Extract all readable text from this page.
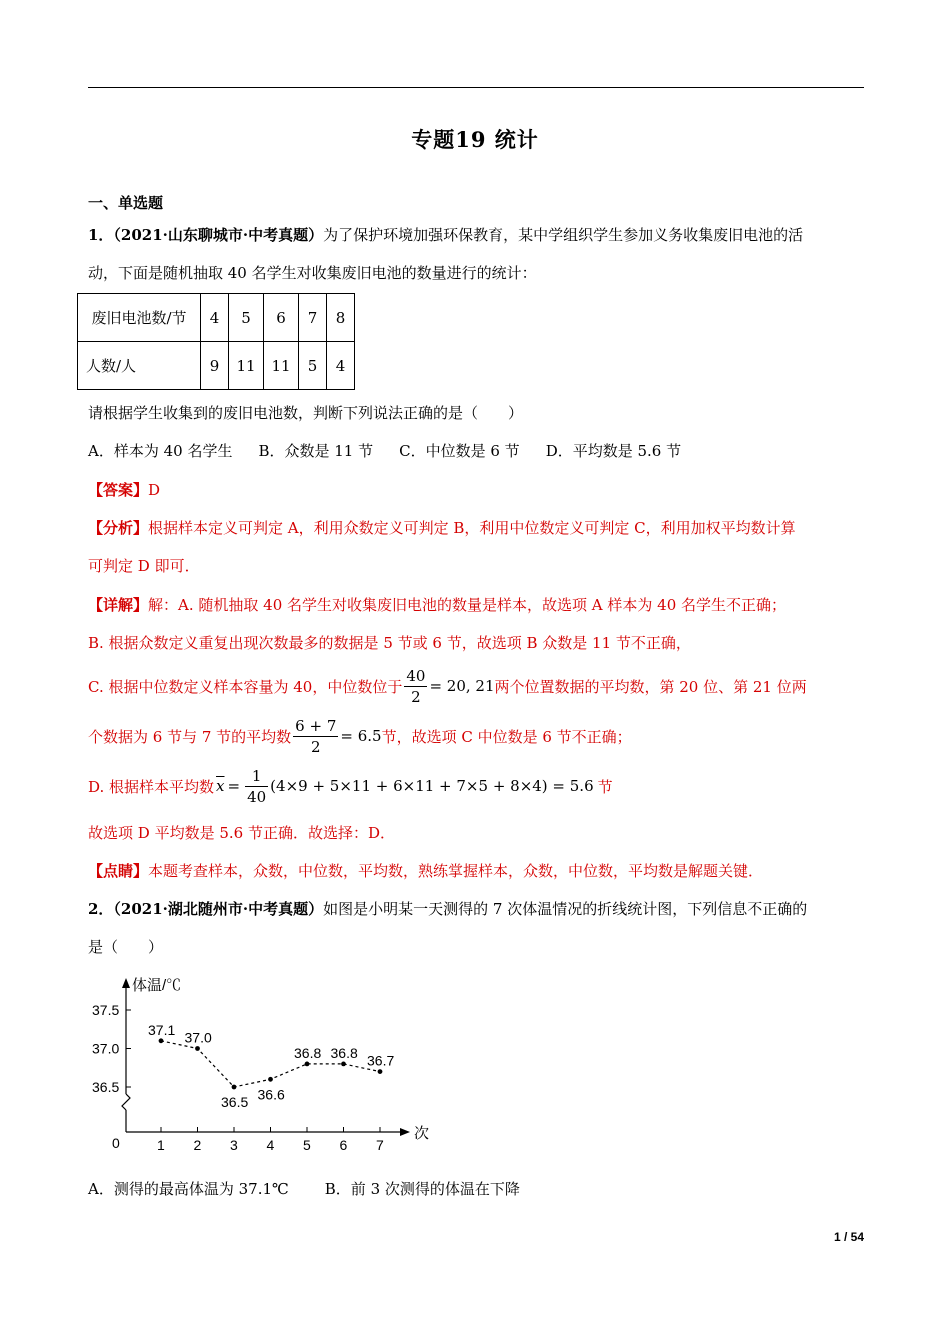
专题19 统计
一、单选题
1．（2021·山东聊城市·中考真题）为了保护环境加强环保教育，某中学组织学生参加义务收集废旧电池的活
动，下面是随机抽取 40 名学生对收集废旧电池的数量进行的统计：
废旧电池数/节	4	5	6	7	8
人数/人	9	11	11	5	4
请根据学生收集到的废旧电池数，判断下列说法正确的是（　　）
A．样本为 40 名学生 B．众数是 11 节 C．中位数是 6 节 D．平均数是 5.6 节
【答案】D
【分析】根据样本定义可判定 A，利用众数定义可判定 B，利用中位数定义可判定 C，利用加权平均数计算
可判定 D 即可．
【详解】解：A. 随机抽取 40 名学生对收集废旧电池的数量是样本，故选项 A 样本为 40 名学生不正确；
B. 根据众数定义重复出现次数最多的数据是 5 节或 6 节，故选项 B 众数是 11 节不正确，
C. 根据中位数定义样本容量为 40，中位数位于 $\frac{40}{2} = 20$, 21 两个位置数据的平均数，第 20 位、第 21 位两
个数据为 6 节与 7 节的平均数 $\frac{6 + 7}{2} = 6.5$ 节，故选项 C 中位数是 6 节不正确；
D. 根据样本平均数 $\overline{x} = \frac{1}{40} (4\times 9 + 5\times 11 + 6\times 11 + 7\times 5 + 8\times 4) = 5.6$ 节
故选项 D 平均数是 5.6 节正确．故选择：D．
【点睛】本题考查样本，众数，中位数，平均数，熟练掌握样本，众数，中位数，平均数是解题关键．
2．（2021·湖北随州市·中考真题）如图是小明某一天测得的 7 次体温情况的折线统计图，下列信息不正确的
是（　　）
体温/℃
次
0
36.5
37.0
37.5
1 2 3 4 5 6 7
37.1 37.0
36.5 36.6
36.8 36.8 36.7
A．测得的最高体温为 37.1℃ B．前 3 次测得的体温在下降
1 / 54
